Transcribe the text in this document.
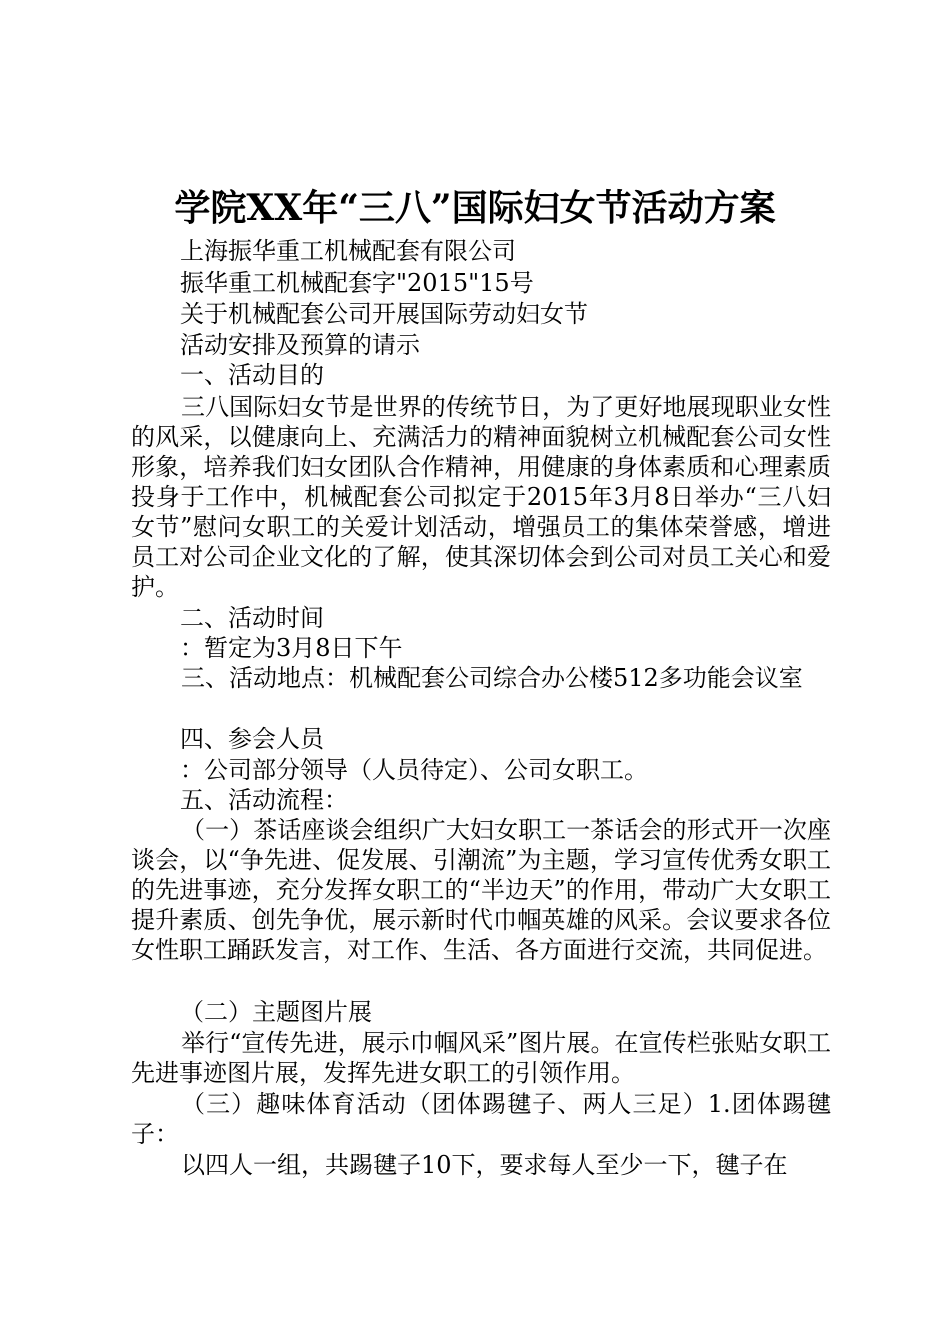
学院XX年“三八”国际妇女节活动方案
上海振华重工机械配套有限公司
振华重工机械配套字"2015"15号
关于机械配套公司开展国际劳动妇女节
活动安排及预算的请示
一、活动目的
三八国际妇女节是世界的传统节日，为了更好地展现职业女性的风采，以健康向上、充满活力的精神面貌树立机械配套公司女性形象，培养我们妇女团队合作精神，用健康的身体素质和心理素质投身于工作中，机械配套公司拟定于2015年3月8日举办“三八妇女节”慰问女职工的关爱计划活动，增强员工的集体荣誉感，增进员工对公司企业文化的了解，使其深切体会到公司对员工关心和爱护。
二、活动时间
：暂定为3月8日下午
三、活动地点：机械配套公司综合办公楼512多功能会议室
四、参会人员
：公司部分领导（人员待定）、公司女职工。
五、活动流程：
（一）茶话座谈会组织广大妇女职工一茶话会的形式开一次座谈会，以“争先进、促发展、引潮流”为主题，学习宣传优秀女职工的先进事迹，充分发挥女职工的“半边天”的作用，带动广大女职工提升素质、创先争优，展示新时代巾帼英雄的风采。会议要求各位女性职工踊跃发言，对工作、生活、各方面进行交流，共同促进。
（二）主题图片展
举行“宣传先进，展示巾帼风采”图片展。在宣传栏张贴女职工先进事迹图片展，发挥先进女职工的引领作用。
（三）趣味体育活动（团体踢毽子、两人三足）1.团体踢毽子：
以四人一组，共踢毽子10下，要求每人至少一下，毽子在
